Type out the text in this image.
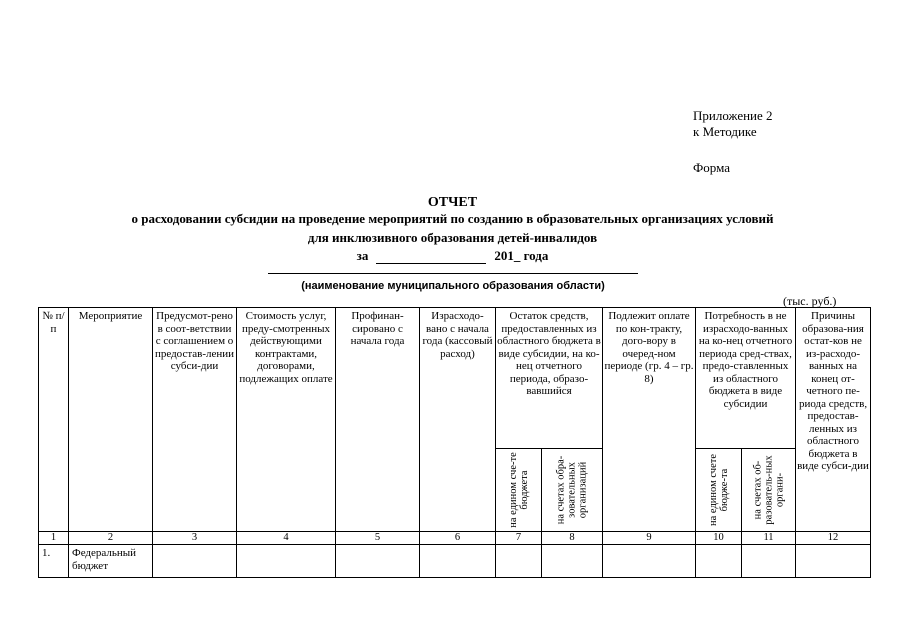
Приложение 2
к Методике
Форма
ОТЧЕТ
о расходовании субсидии на проведение мероприятий по созданию в образовательных организациях условий
для инклюзивного образования детей-инвалидов
за	201_ года
(наименование муниципального образования области)
(тыс. руб.)
№ п/п	Мероприятие	Предусмот-рено в соот-ветствии с соглашением о предостав-лении субси-дии	Стоимость услуг, преду-смотренных действующими контрактами, договорами, подлежащих оплате	Профинан-сировано с начала года	Израсходо-вано с начала года (кассовый расход)	Остаток средств, предоставленных из областного бюджета в виде субсидии, на ко-нец отчетного периода, образо-вавшийся		Подлежит оплате по кон-тракту, дого-вору в очеред-ном периоде (гр. 4 – гр. 8)	Потребность в не израсходо-ванных на ко-нец отчетного периода сред-ствах, предо-ставленных из областного бюджета в виде субсидии		Причины образова-ния остат-ков не из-расходо-ванных на конец от-четного пе-риода средств, предостав-ленных из областного бюджета в виде субси-дии

						на едином сче-те бюджета	на счетах обра-зовательных организаций		на едином счете бюдже-та	на счетах об-разователь-ных органи-	

1	2	3	4	5	6	7	8	9	10	11	12
1.	Федеральный бюджет										
